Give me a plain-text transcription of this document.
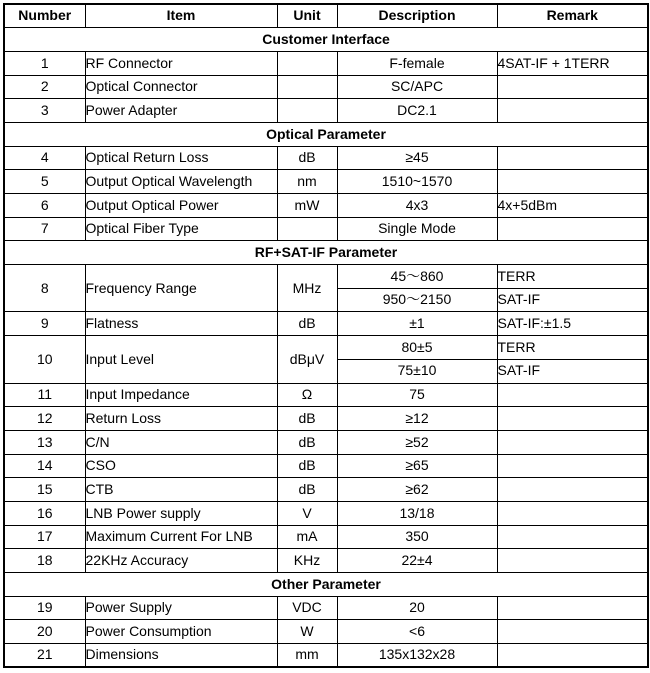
Number	Item	Unit	Description	Remark
Customer Interface				
1	RF Connector		F-female	4SAT-IF + 1TERR
2	Optical Connector		SC/APC	
3	Power Adapter		DC2.1	
Optical Parameter				
4	Optical Return Loss	dB	≥45	
5	Output Optical Wavelength	nm	1510~1570	
6	Output Optical Power	mW	4x3	4x+5dBm
7	Optical Fiber Type		Single Mode	
RF+SAT-IF Parameter				
8	Frequency Range	MHz	45～860	TERR
			950～2150	SAT-IF
9	Flatness	dB	±1	SAT-IF:±1.5
10	Input Level	dBμV	80±5	TERR
			75±10	SAT-IF
11	Input Impedance	Ω	75	
12	Return Loss	dB	≥12	
13	C/N	dB	≥52	
14	CSO	dB	≥65	
15	CTB	dB	≥62	
16	LNB Power supply	V	13/18	
17	Maximum Current For LNB	mA	350	
18	22KHz Accuracy	KHz	22±4	
Other Parameter				
19	Power Supply	VDC	20	
20	Power Consumption	W	<6	
21	Dimensions	mm	135x132x28	
